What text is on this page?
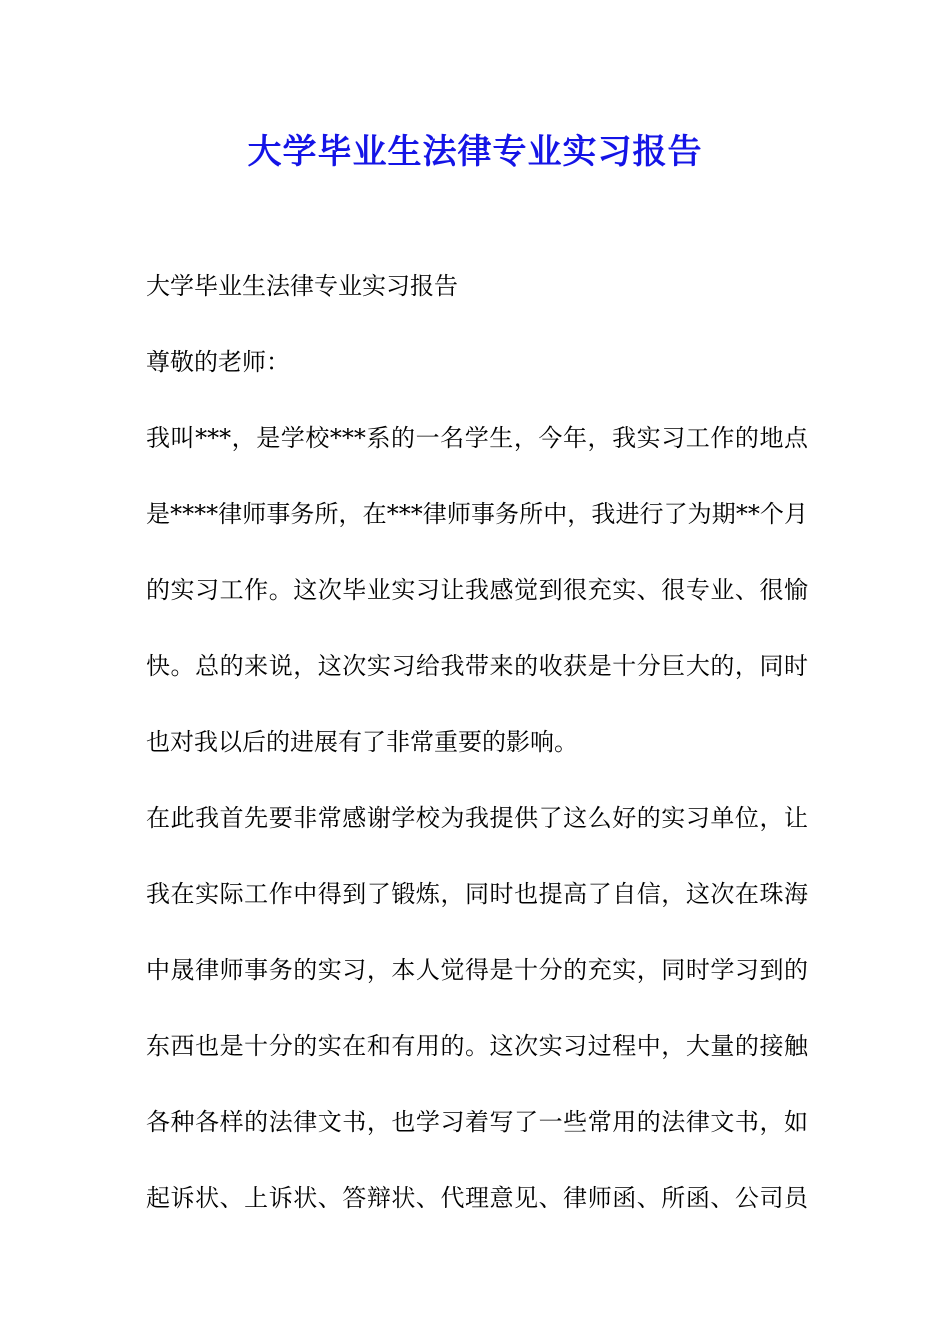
大学毕业生法律专业实习报告
大学毕业生法律专业实习报告
尊敬的老师：
我叫***，是学校***系的一名学生，今年，我实习工作的地点
是****律师事务所，在***律师事务所中，我进行了为期**个月
的实习工作。这次毕业实习让我感觉到很充实、很专业、很愉
快。总的来说，这次实习给我带来的收获是十分巨大的，同时
也对我以后的进展有了非常重要的影响。
在此我首先要非常感谢学校为我提供了这么好的实习单位，让
我在实际工作中得到了锻炼，同时也提高了自信，这次在珠海
中晟律师事务的实习，本人觉得是十分的充实，同时学习到的
东西也是十分的实在和有用的。这次实习过程中，大量的接触
各种各样的法律文书，也学习着写了一些常用的法律文书，如
起诉状、上诉状、答辩状、代理意见、律师函、所函、公司员
